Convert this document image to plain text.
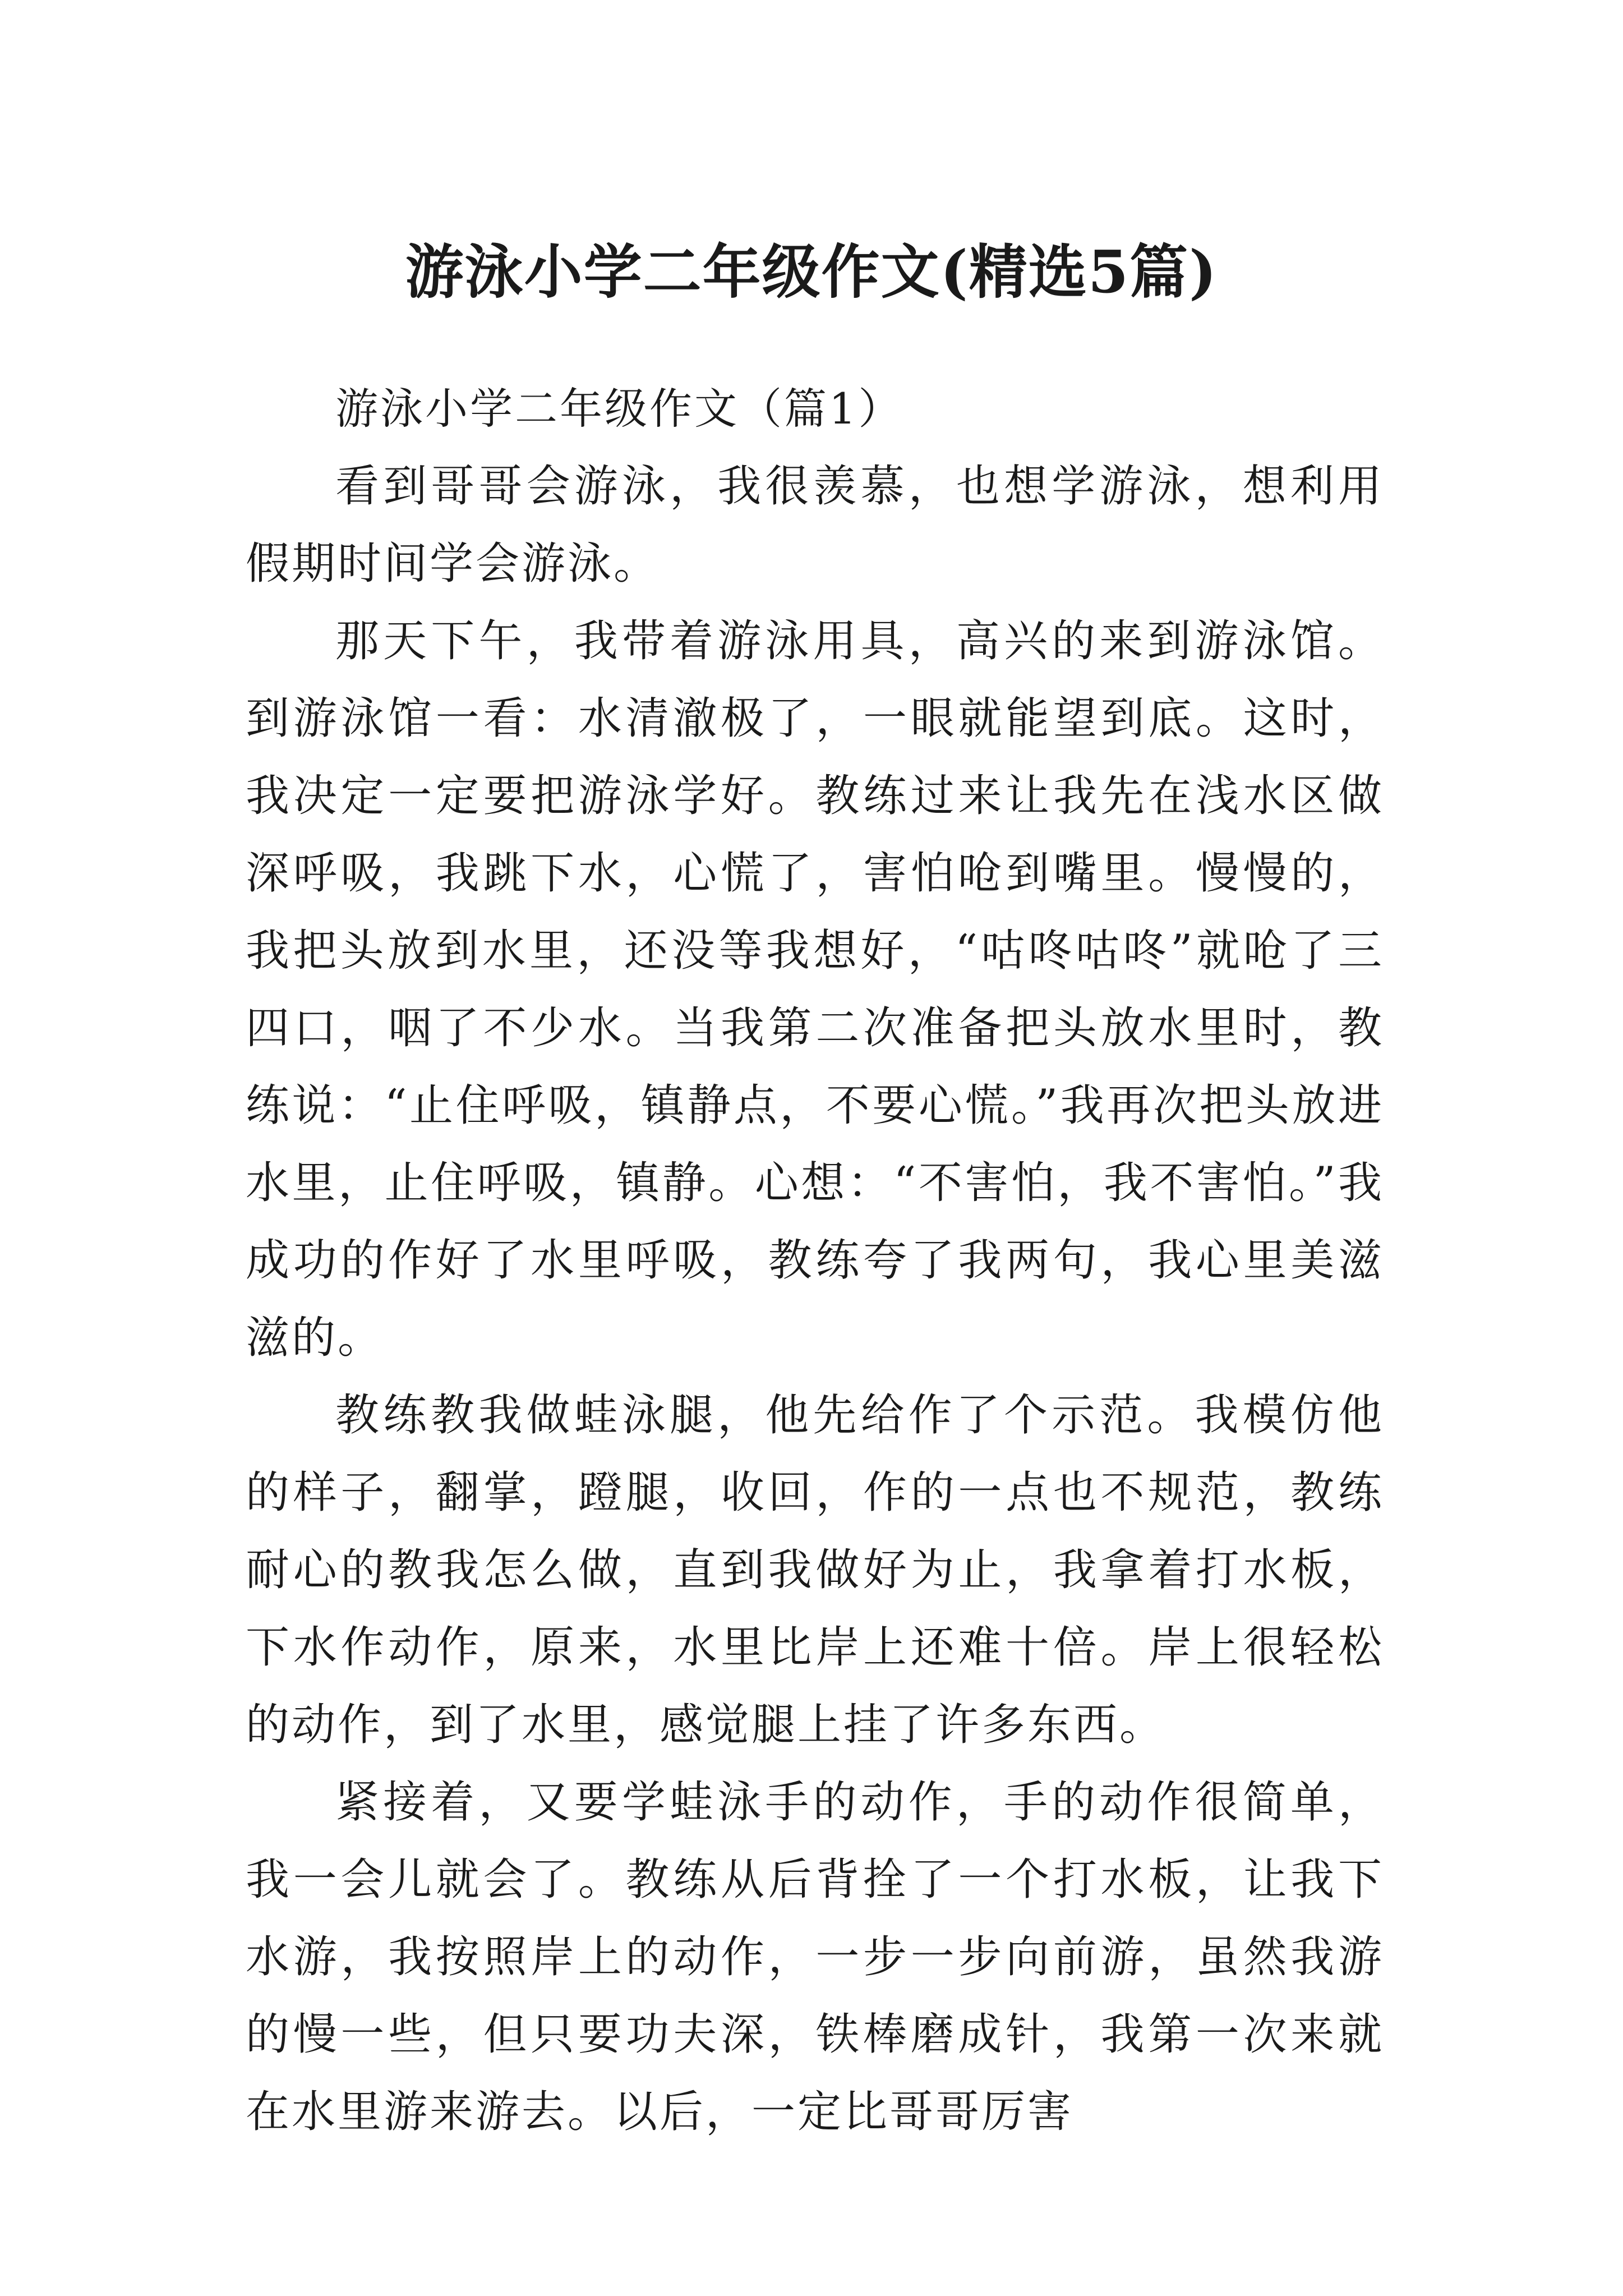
游泳小学二年级作文(精选5篇)

游泳小学二年级作文（篇1）

看到哥哥会游泳，我很羡慕，也想学游泳，想利用假期时间学会游泳。

那天下午，我带着游泳用具，高兴的来到游泳馆。到游泳馆一看：水清澈极了，一眼就能望到底。这时，我决定一定要把游泳学好。教练过来让我先在浅水区做深呼吸，我跳下水，心慌了，害怕呛到嘴里。慢慢的，我把头放到水里，还没等我想好，“咕咚咕咚”就呛了三四口，咽了不少水。当我第二次准备把头放水里时，教练说：“止住呼吸，镇静点，不要心慌。”我再次把头放进水里，止住呼吸，镇静。心想：“不害怕，我不害怕。”我成功的作好了水里呼吸，教练夸了我两句，我心里美滋滋的。

教练教我做蛙泳腿，他先给作了个示范。我模仿他的样子，翻掌，蹬腿，收回，作的一点也不规范，教练耐心的教我怎么做，直到我做好为止，我拿着打水板，下水作动作，原来，水里比岸上还难十倍。岸上很轻松的动作，到了水里，感觉腿上挂了许多东西。

紧接着，又要学蛙泳手的动作，手的动作很简单，我一会儿就会了。教练从后背拴了一个打水板，让我下水游，我按照岸上的动作，一步一步向前游，虽然我游的慢一些，但只要功夫深，铁棒磨成针，我第一次来就在水里游来游去。以后，一定比哥哥厉害
